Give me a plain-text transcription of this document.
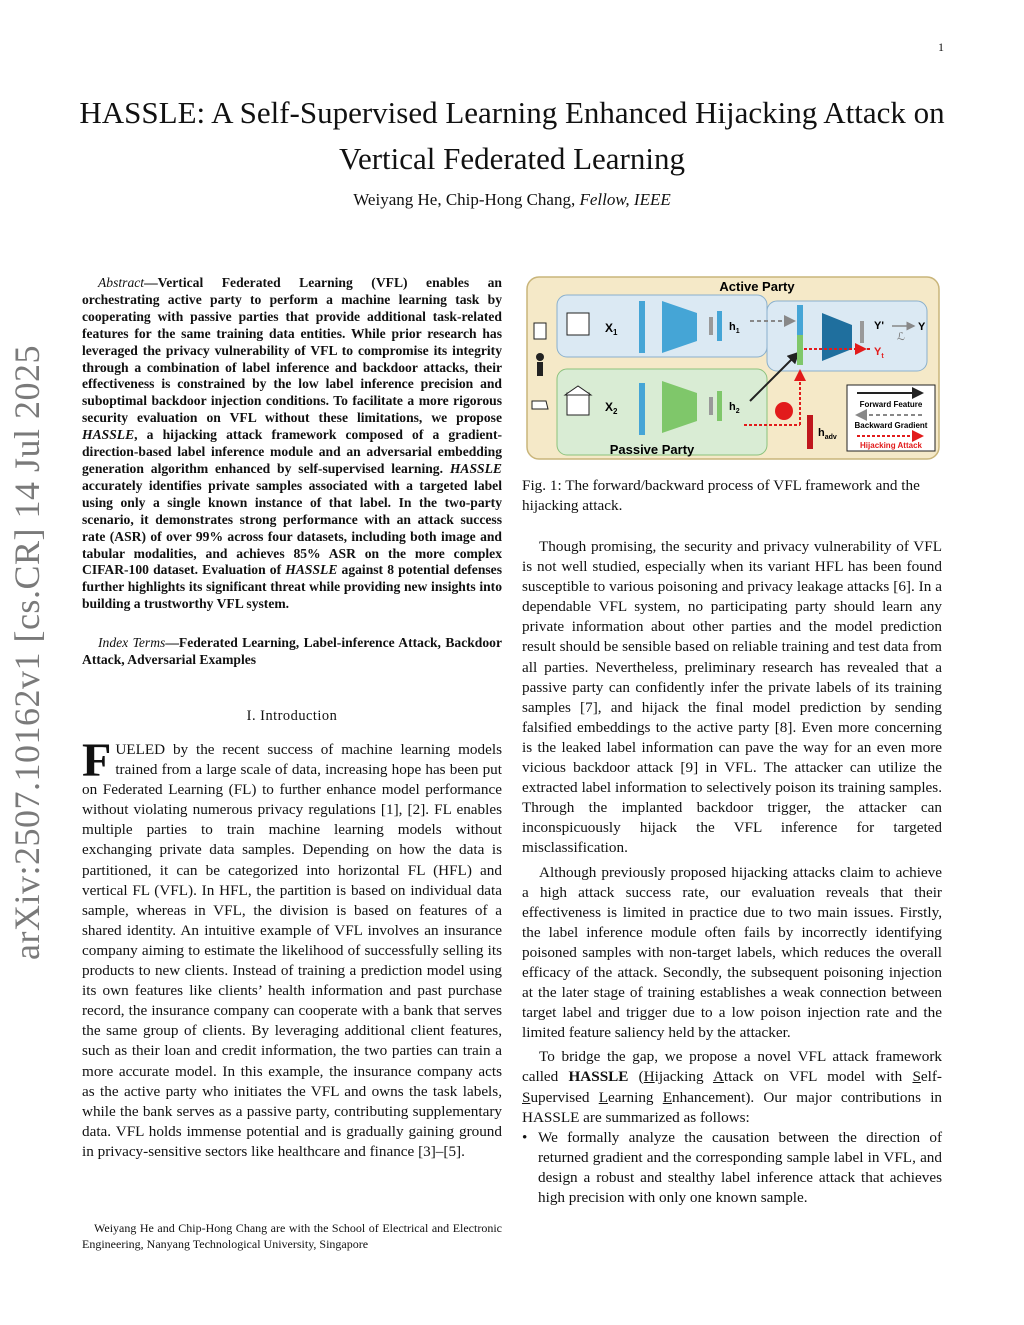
1
arXiv:2507.10162v1 [cs.CR] 14 Jul 2025
HASSLE: A Self-Supervised Learning Enhanced Hijacking Attack on
Vertical Federated Learning
Weiyang He, Chip-Hong Chang, Fellow, IEEE
Abstract—Vertical Federated Learning (VFL) enables an orchestrating active party to perform a machine learning task by cooperating with passive parties that provide additional task-related features for the same training data entities. While prior research has leveraged the privacy vulnerability of VFL to compromise its integrity through a combination of label inference and backdoor attacks, their effectiveness is constrained by the low label inference precision and suboptimal backdoor injection conditions. To facilitate a more rigorous security evaluation on VFL without these limitations, we propose HASSLE, a hijacking attack framework composed of a gradient-direction-based label inference module and an adversarial embedding generation algorithm enhanced by self-supervised learning. HASSLE accurately identifies private samples associated with a targeted label using only a single known instance of that label. In the two-party scenario, it demonstrates strong performance with an attack success rate (ASR) of over 99% across four datasets, including both image and tabular modalities, and achieves 85% ASR on the more complex CIFAR-100 dataset. Evaluation of HASSLE against 8 potential defenses further highlights its significant threat while providing new insights into building a trustworthy VFL system.
Index Terms—Federated Learning, Label-inference Attack, Backdoor Attack, Adversarial Examples
I. Introduction
FUELED by the recent success of machine learning models trained from a large scale of data, increasing hope has been put on Federated Learning (FL) to further enhance model performance without violating numerous privacy regulations [1], [2]. FL enables multiple parties to train machine learning models without exchanging private data samples. Depending on how the data is partitioned, it can be categorized into horizontal FL (HFL) and vertical FL (VFL). In HFL, the partition is based on individual data sample, whereas in VFL, the division is based on features of a shared identity. An intuitive example of VFL involves an insurance company aiming to estimate the likelihood of successfully selling its products to new clients. Instead of training a prediction model using its own features like clients’ health information and past purchase record, the insurance company can cooperate with a bank that serves the same group of clients. By leveraging additional client features, such as their loan and credit information, the two parties can train a more accurate model. In this example, the insurance company acts as the active party who initiates the VFL and owns the task labels, while the bank serves as a passive party, contributing supplementary data. VFL holds immense potential and is gradually gaining ground in privacy-sensitive sectors like healthcare and finance [3]–[5].
Weiyang He and Chip-Hong Chang are with the School of Electrical and Electronic Engineering, Nanyang Technological University, Singapore
Active Party
Passive Party
$X_1$
$X_2$
$h_1$
$h_2$
Y'	Y
ℒ
$Y_t$
$h_{adv}$
Forward Feature
Backward Gradient
Hijacking Attack
Fig. 1: The forward/backward process of VFL framework and the hijacking attack.

Though promising, the security and privacy vulnerability of VFL is not well studied, especially when its variant HFL has been found susceptible to various poisoning and privacy leakage attacks [6]. In a dependable VFL system, no participating party should learn any private information about other parties and the model prediction result should be sensible based on reliable training and test data from all parties. Nevertheless, preliminary research has revealed that a passive party can confidently infer the private labels of its training samples [7], and hijack the final model prediction by sending falsified embeddings to the active party [8]. Even more concerning is the leaked label information can pave the way for an even more vicious backdoor attack [9] in VFL. The attacker can utilize the extracted label information to selectively poison its training samples. Through the implanted backdoor trigger, the attacker can inconspicuously hijack the VFL inference for targeted misclassification.

Although previously proposed hijacking attacks claim to achieve a high attack success rate, our evaluation reveals that their effectiveness is limited in practice due to two main issues. Firstly, the label inference module often fails by incorrectly identifying poisoned samples with non-target labels, which reduces the overall efficacy of the attack. Secondly, the subsequent poisoning injection at the later stage of training establishes a weak connection between target label and trigger due to a low poison injection rate and the limited feature saliency held by the attacker.

To bridge the gap, we propose a novel VFL attack framework called HASSLE (Hijacking Attack on VFL model with Self-Supervised Learning Enhancement). Our major contributions in HASSLE are summarized as follows:

• We formally analyze the causation between the direction of returned gradient and the corresponding sample label in VFL, and design a robust and stealthy label inference attack that achieves high precision with only one known sample.
